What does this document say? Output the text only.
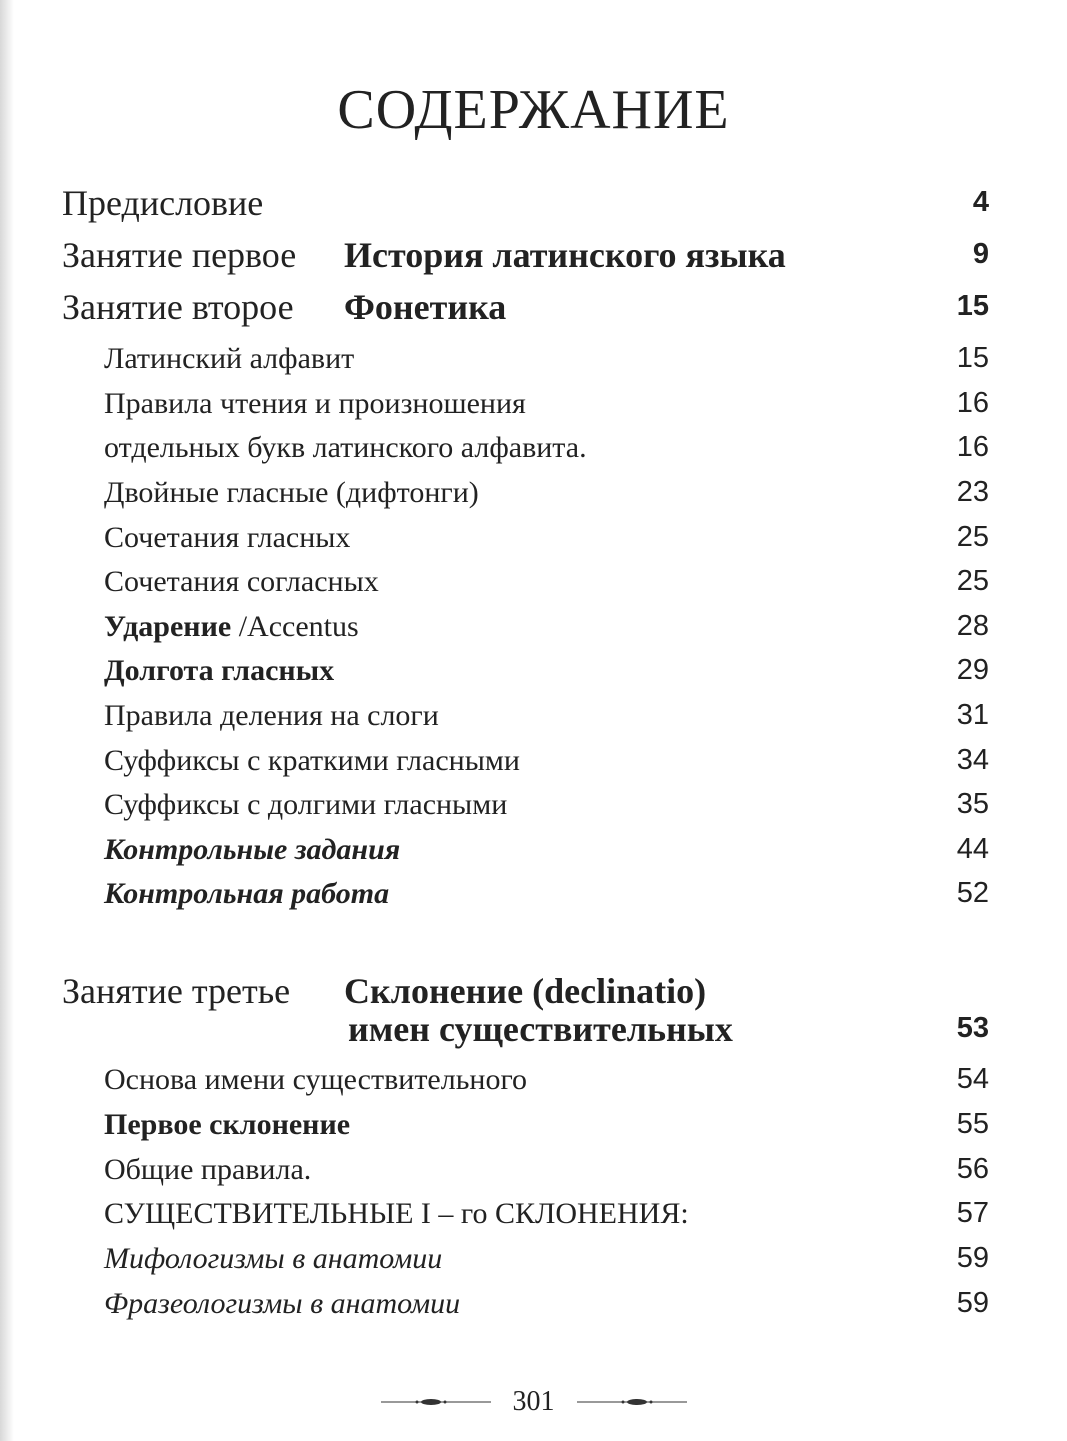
СОДЕРЖАНИЕ
Предисловие	4
Занятие первое История латинского языка	9
Занятие второе Фонетика	15
Латинский алфавит	15
Правила чтения и произношения	16
отдельных букв латинского алфавита.	16
Двойные гласные (дифтонги)	23
Сочетания гласных	25
Сочетания согласных	25
Ударение /Accentus	28
Долгота гласных	29
Правила деления на слоги	31
Суффиксы с краткими гласными	34
Суффиксы с долгими гласными	35
Контрольные задания	44
Контрольная работа	52
Занятие третье Склонение (declinatio)
имен существительных	53
Основа имени существительного	54
Первое склонение	55
Общие правила.	56
СУЩЕСТВИТЕЛЬНЫЕ I – го СКЛОНЕНИЯ:	57
Мифологизмы в анатомии	59
Фразеологизмы в анатомии	59
301
